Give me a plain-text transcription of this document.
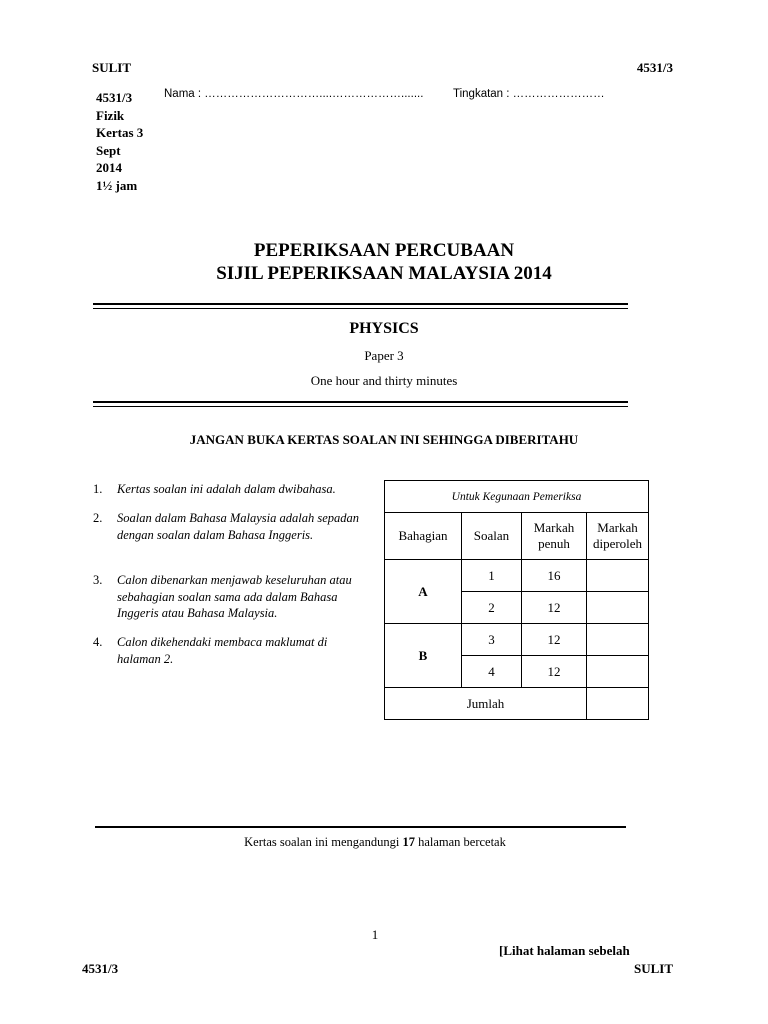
SULIT	4531/3
4531/3
Fizik
Kertas 3
Sept
2014
1½ jam
Nama : …………………………....……………….......	Tingkatan : ……………………
PEPERIKSAAN PERCUBAAN
SIJIL PEPERIKSAAN MALAYSIA 2014
PHYSICS
Paper 3
One hour and thirty minutes
JANGAN BUKA KERTAS SOALAN INI SEHINGGA DIBERITAHU
1. Kertas soalan ini adalah dalam dwibahasa.
2. Soalan dalam Bahasa Malaysia adalah sepadan dengan soalan dalam Bahasa Inggeris.
3. Calon dibenarkan menjawab keseluruhan atau sebahagian soalan sama ada dalam Bahasa Inggeris atau Bahasa Malaysia.
4. Calon dikehendaki membaca maklumat di halaman 2.
Untuk Kegunaan Pemeriksa			
Bahagian	Soalan	Markah penuh	Markah diperoleh
A	1	16	
	2	12	
B	3	12	
	4	12	
Jumlah			
Kertas soalan ini mengandungi 17 halaman bercetak
1
[Lihat halaman sebelah
4531/3	SULIT
